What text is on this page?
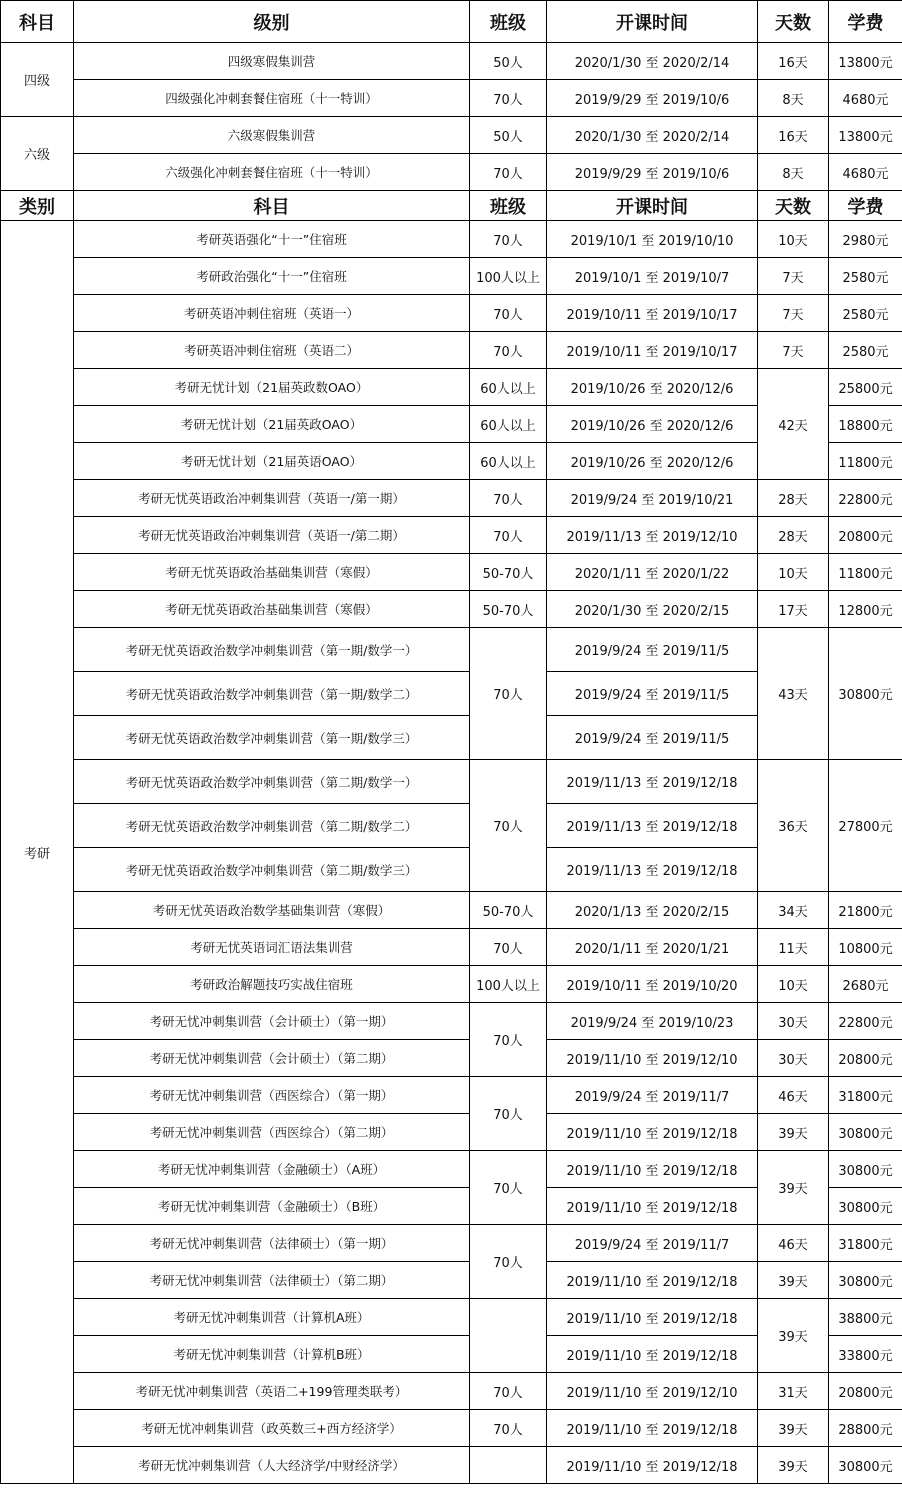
科目	级别	班级	开课时间	天数	学费
四级	四级寒假集训营	50人	2020/1/30 至 2020/2/14	16天	13800元
	四级强化冲刺套餐住宿班（十一特训）	70人	2019/9/29 至 2019/10/6	8天	4680元
六级	六级寒假集训营	50人	2020/1/30 至 2020/2/14	16天	13800元
	六级强化冲刺套餐住宿班（十一特训）	70人	2019/9/29 至 2019/10/6	8天	4680元
类别	科目	班级	开课时间	天数	学费
考研	考研英语强化“十一”住宿班	70人	2019/10/1 至 2019/10/10	10天	2980元
	考研政治强化“十一”住宿班	100人以上	2019/10/1 至 2019/10/7	7天	2580元
	考研英语冲刺住宿班（英语一）	70人	2019/10/11 至 2019/10/17	7天	2580元
	考研英语冲刺住宿班（英语二）	70人	2019/10/11 至 2019/10/17	7天	2580元
	考研无忧计划（21届英政数OAO）	60人以上	2019/10/26 至 2020/12/6	42天	25800元
	考研无忧计划（21届英政OAO）	60人以上	2019/10/26 至 2020/12/6		18800元
	考研无忧计划（21届英语OAO）	60人以上	2019/10/26 至 2020/12/6		11800元
	考研无忧英语政治冲刺集训营（英语一/第一期）	70人	2019/9/24 至 2019/10/21	28天	22800元
	考研无忧英语政治冲刺集训营（英语一/第二期）	70人	2019/11/13 至 2019/12/10	28天	20800元
	考研无忧英语政治基础集训营（寒假）	50-70人	2020/1/11 至 2020/1/22	10天	11800元
	考研无忧英语政治基础集训营（寒假）	50-70人	2020/1/30 至 2020/2/15	17天	12800元
	考研无忧英语政治数学冲刺集训营（第一期/数学一）	70人	2019/9/24 至 2019/11/5	43天	30800元
	考研无忧英语政治数学冲刺集训营（第一期/数学二）		2019/9/24 至 2019/11/5		
	考研无忧英语政治数学冲刺集训营（第一期/数学三）		2019/9/24 至 2019/11/5		
	考研无忧英语政治数学冲刺集训营（第二期/数学一）	70人	2019/11/13 至 2019/12/18	36天	27800元
	考研无忧英语政治数学冲刺集训营（第二期/数学二）		2019/11/13 至 2019/12/18		
	考研无忧英语政治数学冲刺集训营（第二期/数学三）		2019/11/13 至 2019/12/18		
	考研无忧英语政治数学基础集训营（寒假）	50-70人	2020/1/13 至 2020/2/15	34天	21800元
	考研无忧英语词汇语法集训营	70人	2020/1/11 至 2020/1/21	11天	10800元
	考研政治解题技巧实战住宿班	100人以上	2019/10/11 至 2019/10/20	10天	2680元
	考研无忧冲刺集训营（会计硕士）（第一期）	70人	2019/9/24 至 2019/10/23	30天	22800元
	考研无忧冲刺集训营（会计硕士）（第二期）		2019/11/10 至 2019/12/10	30天	20800元
	考研无忧冲刺集训营（西医综合）（第一期）	70人	2019/9/24 至 2019/11/7	46天	31800元
	考研无忧冲刺集训营（西医综合）（第二期）		2019/11/10 至 2019/12/18	39天	30800元
	考研无忧冲刺集训营（金融硕士）（A班）	70人	2019/11/10 至 2019/12/18	39天	30800元
	考研无忧冲刺集训营（金融硕士）（B班）		2019/11/10 至 2019/12/18		30800元
	考研无忧冲刺集训营（法律硕士）（第一期）	70人	2019/9/24 至 2019/11/7	46天	31800元
	考研无忧冲刺集训营（法律硕士）（第二期）		2019/11/10 至 2019/12/18	39天	30800元
	考研无忧冲刺集训营（计算机A班）		2019/11/10 至 2019/12/18	39天	38800元
	考研无忧冲刺集训营（计算机B班）		2019/11/10 至 2019/12/18		33800元
	考研无忧冲刺集训营（英语二+199管理类联考）	70人	2019/11/10 至 2019/12/10	31天	20800元
	考研无忧冲刺集训营（政英数三+西方经济学）	70人	2019/11/10 至 2019/12/18	39天	28800元
	考研无忧冲刺集训营（人大经济学/中财经济学）		2019/11/10 至 2019/12/18	39天	30800元
